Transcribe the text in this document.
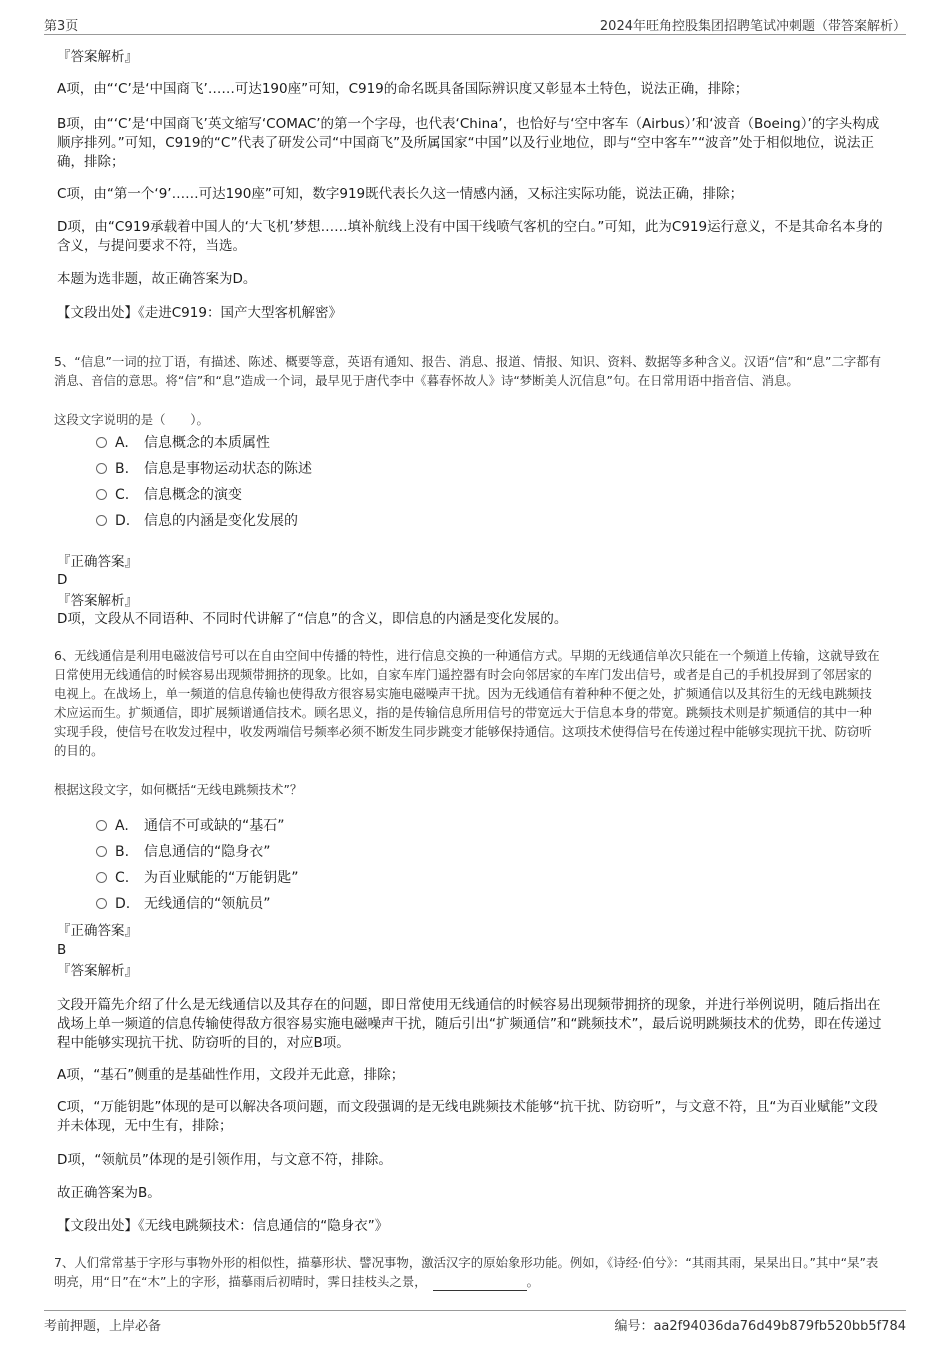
第3页	2024年旺角控股集团招聘笔试冲刺题（带答案解析）

『答案解析』

A项，由“‘C’是‘中国商飞’……可达190座”可知，C919的命名既具备国际辨识度又彰显本土特色，说法正确，排除；

B项，由“‘C’是‘中国商飞’英文缩写‘COMAC’的第一个字母，也代表‘China’，也恰好与‘空中客车（Airbus）’和‘波音（Boeing）’的字头构成顺序排列。”可知，C919的“C”代表了研发公司“中国商飞”及所属国家“中国”以及行业地位，即与“空中客车”“波音”处于相似地位，说法正确，排除；

C项，由“第一个‘9’……可达190座”可知，数字919既代表长久这一情感内涵，又标注实际功能，说法正确，排除；

D项，由“C919承载着中国人的‘大飞机’梦想……填补航线上没有中国干线喷气客机的空白。”可知，此为C919运行意义，不是其命名本身的含义，与提问要求不符，当选。

本题为选非题，故正确答案为D。

【文段出处】《走进C919：国产大型客机解密》

5、“信息”一词的拉丁语，有描述、陈述、概要等意，英语有通知、报告、消息、报道、情报、知识、资料、数据等多种含义。汉语“信”和“息”二字都有消息、音信的意思。将“信”和“息”造成一个词，最早见于唐代李中《暮春怀故人》诗“梦断美人沉信息”句。在日常用语中指音信、消息。

这段文字说明的是（　　）。

A. 信息概念的本质属性
B. 信息是事物运动状态的陈述
C. 信息概念的演变
D. 信息的内涵是变化发展的

『正确答案』

D

『答案解析』

D项，文段从不同语种、不同时代讲解了“信息”的含义，即信息的内涵是变化发展的。

6、无线通信是利用电磁波信号可以在自由空间中传播的特性，进行信息交换的一种通信方式。早期的无线通信单次只能在一个频道上传输，这就导致在日常使用无线通信的时候容易出现频带拥挤的现象。比如，自家车库门遥控器有时会向邻居家的车库门发出信号，或者是自己的手机投屏到了邻居家的电视上。在战场上，单一频道的信息传输也使得敌方很容易实施电磁噪声干扰。因为无线通信有着种种不便之处，扩频通信以及其衍生的无线电跳频技术应运而生。扩频通信，即扩展频谱通信技术。顾名思义，指的是传输信息所用信号的带宽远大于信息本身的带宽。跳频技术则是扩频通信的其中一种实现手段，使信号在收发过程中，收发两端信号频率必须不断发生同步跳变才能够保持通信。这项技术使得信号在传递过程中能够实现抗干扰、防窃听的目的。

根据这段文字，如何概括“无线电跳频技术”？

A. 通信不可或缺的“基石”
B. 信息通信的“隐身衣”
C. 为百业赋能的“万能钥匙”
D. 无线通信的“领航员”

『正确答案』

B

『答案解析』

文段开篇先介绍了什么是无线通信以及其存在的问题，即日常使用无线通信的时候容易出现频带拥挤的现象，并进行举例说明，随后指出在战场上单一频道的信息传输使得敌方很容易实施电磁噪声干扰，随后引出“扩频通信”和“跳频技术”，最后说明跳频技术的优势，即在传递过程中能够实现抗干扰、防窃听的目的，对应B项。

A项，“基石”侧重的是基础性作用，文段并无此意，排除；

C项，“万能钥匙”体现的是可以解决各项问题，而文段强调的是无线电跳频技术能够“抗干扰、防窃听”，与文意不符，且“为百业赋能”文段并未体现，无中生有，排除；

D项，“领航员”体现的是引领作用，与文意不符，排除。

故正确答案为B。

【文段出处】《无线电跳频技术：信息通信的“隐身衣”》

7、人们常常基于字形与事物外形的相似性，描摹形状、譬况事物，激活汉字的原始象形功能。例如，《诗经·伯兮》：“其雨其雨，杲杲出日。”其中“杲”表明亮，用“日”在“木”上的字形，描摹雨后初晴时，霁日挂枝头之景，	。

考前押题，上岸必备	编号：aa2f94036da76d49b879fb520bb5f784
